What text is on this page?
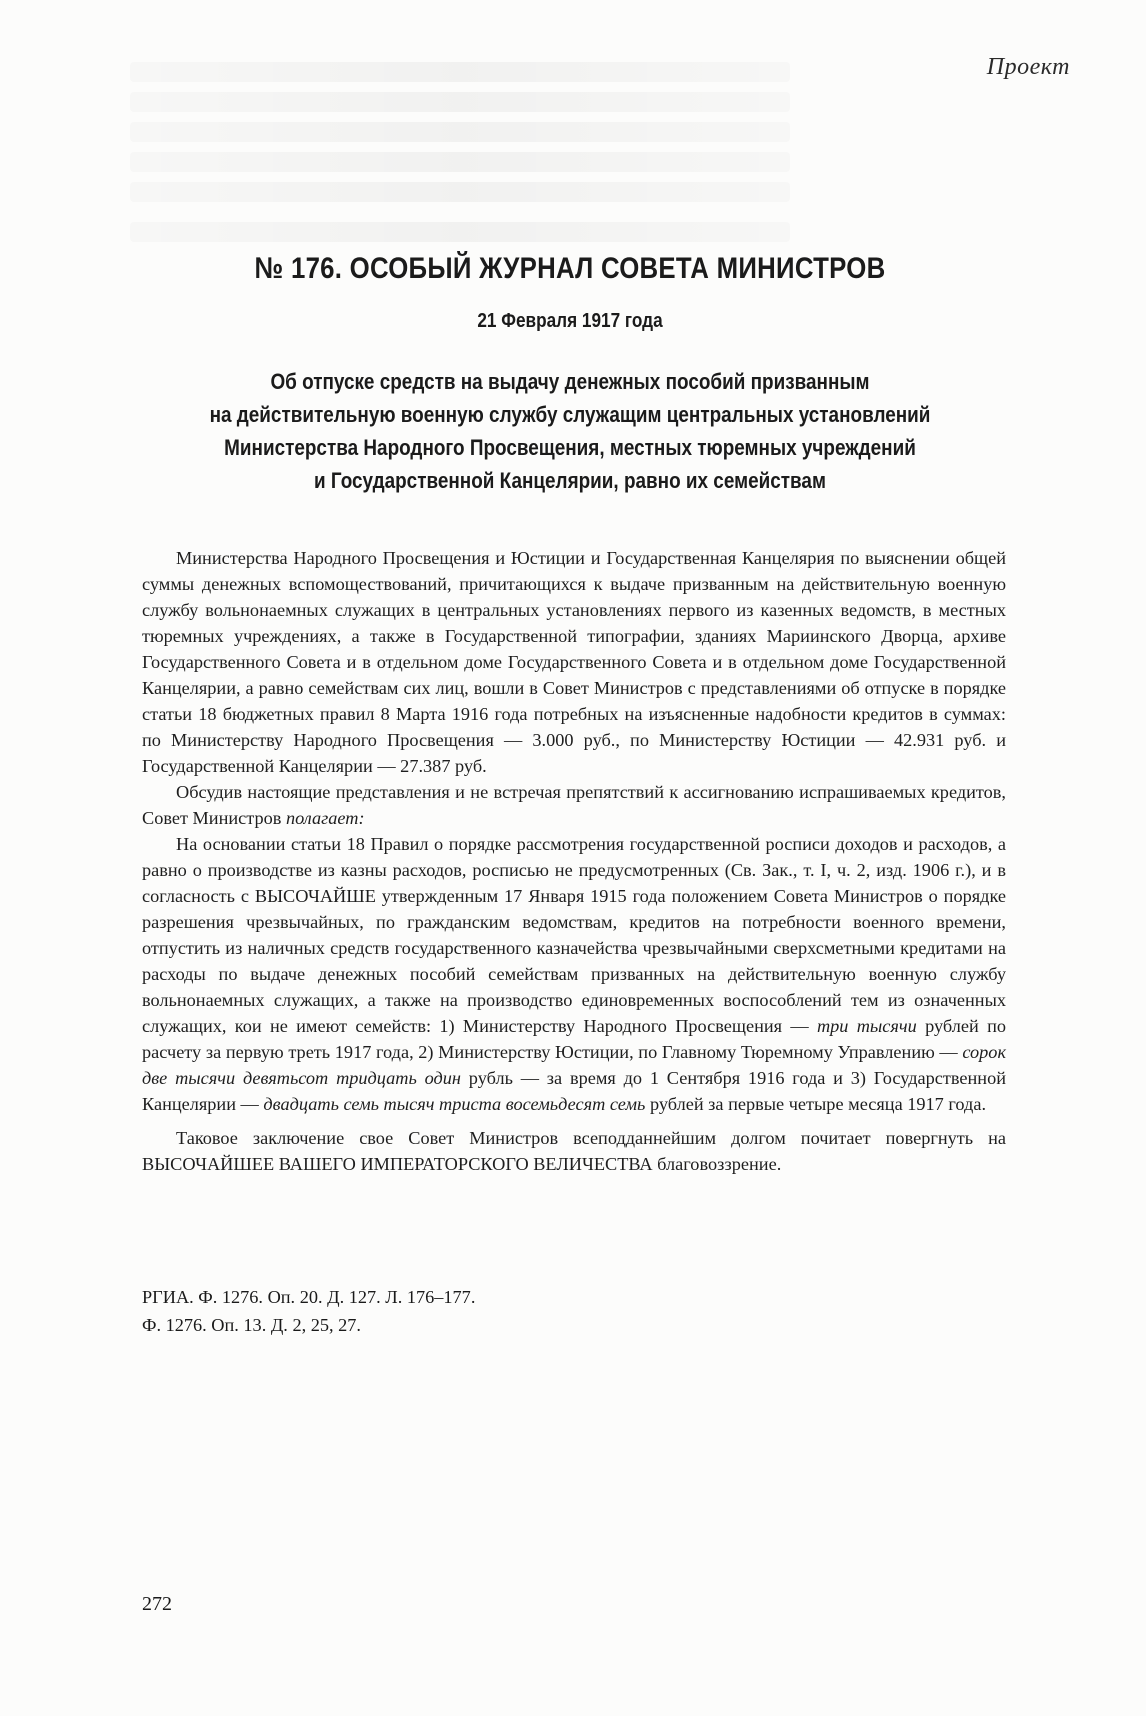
Проект
№ 176. ОСОБЫЙ ЖУРНАЛ СОВЕТА МИНИСТРОВ
21 Февраля 1917 года
Об отпуске средств на выдачу денежных пособий призванным
на действительную военную службу служащим центральных установлений
Министерства Народного Просвещения, местных тюремных учреждений
и Государственной Канцелярии, равно их семействам

Министерства Народного Просвещения и Юстиции и Государственная Канцелярия по выяснении общей суммы денежных вспомоществований, причитающихся к выдаче призванным на действительную военную службу вольнонаемных служащих в центральных установлениях первого из казенных ведомств, в местных тюремных учреждениях, а также в Государственной типографии, зданиях Мариинского Дворца, архиве Государственного Совета и в отдельном доме Государственного Совета и в отдельном доме Государственной Канцелярии, а равно семействам сих лиц, вошли в Совет Министров с представлениями об отпуске в порядке статьи 18 бюджетных правил 8 Марта 1916 года потребных на изъясненные надобности кредитов в суммах: по Министерству Народного Просвещения — 3.000 руб., по Министерству Юстиции — 42.931 руб. и Государственной Канцелярии — 27.387 руб.

Обсудив настоящие представления и не встречая препятствий к ассигнованию испрашиваемых кредитов, Совет Министров полагает:

На основании статьи 18 Правил о порядке рассмотрения государственной росписи доходов и расходов, а равно о производстве из казны расходов, росписью не предусмотренных (Св. Зак., т. I, ч. 2, изд. 1906 г.), и в согласность с ВЫСОЧАЙШЕ утвержденным 17 Января 1915 года положением Совета Министров о порядке разрешения чрезвычайных, по гражданским ведомствам, кредитов на потребности военного времени, отпустить из наличных средств государственного казначейства чрезвычайными сверхсметными кредитами на расходы по выдаче денежных пособий семействам призванных на действительную военную службу вольнонаемных служащих, а также на производство единовременных воспособлений тем из означенных служащих, кои не имеют семейств: 1) Министерству Народного Просвещения — три тысячи рублей по расчету за первую треть 1917 года, 2) Министерству Юстиции, по Главному Тюремному Управлению — сорок две тысячи девятьсот тридцать один рубль — за время до 1 Сентября 1916 года и 3) Государственной Канцелярии — двадцать семь тысяч триста восемьдесят семь рублей за первые четыре месяца 1917 года.

Таковое заключение свое Совет Министров всеподданнейшим долгом почитает повергнуть на ВЫСОЧАЙШЕЕ ВАШЕГО ИМПЕРАТОРСКОГО ВЕЛИЧЕСТВА благовоззрение.

РГИА. Ф. 1276. Оп. 20. Д. 127. Л. 176–177.
Ф. 1276. Оп. 13. Д. 2, 25, 27.
272
